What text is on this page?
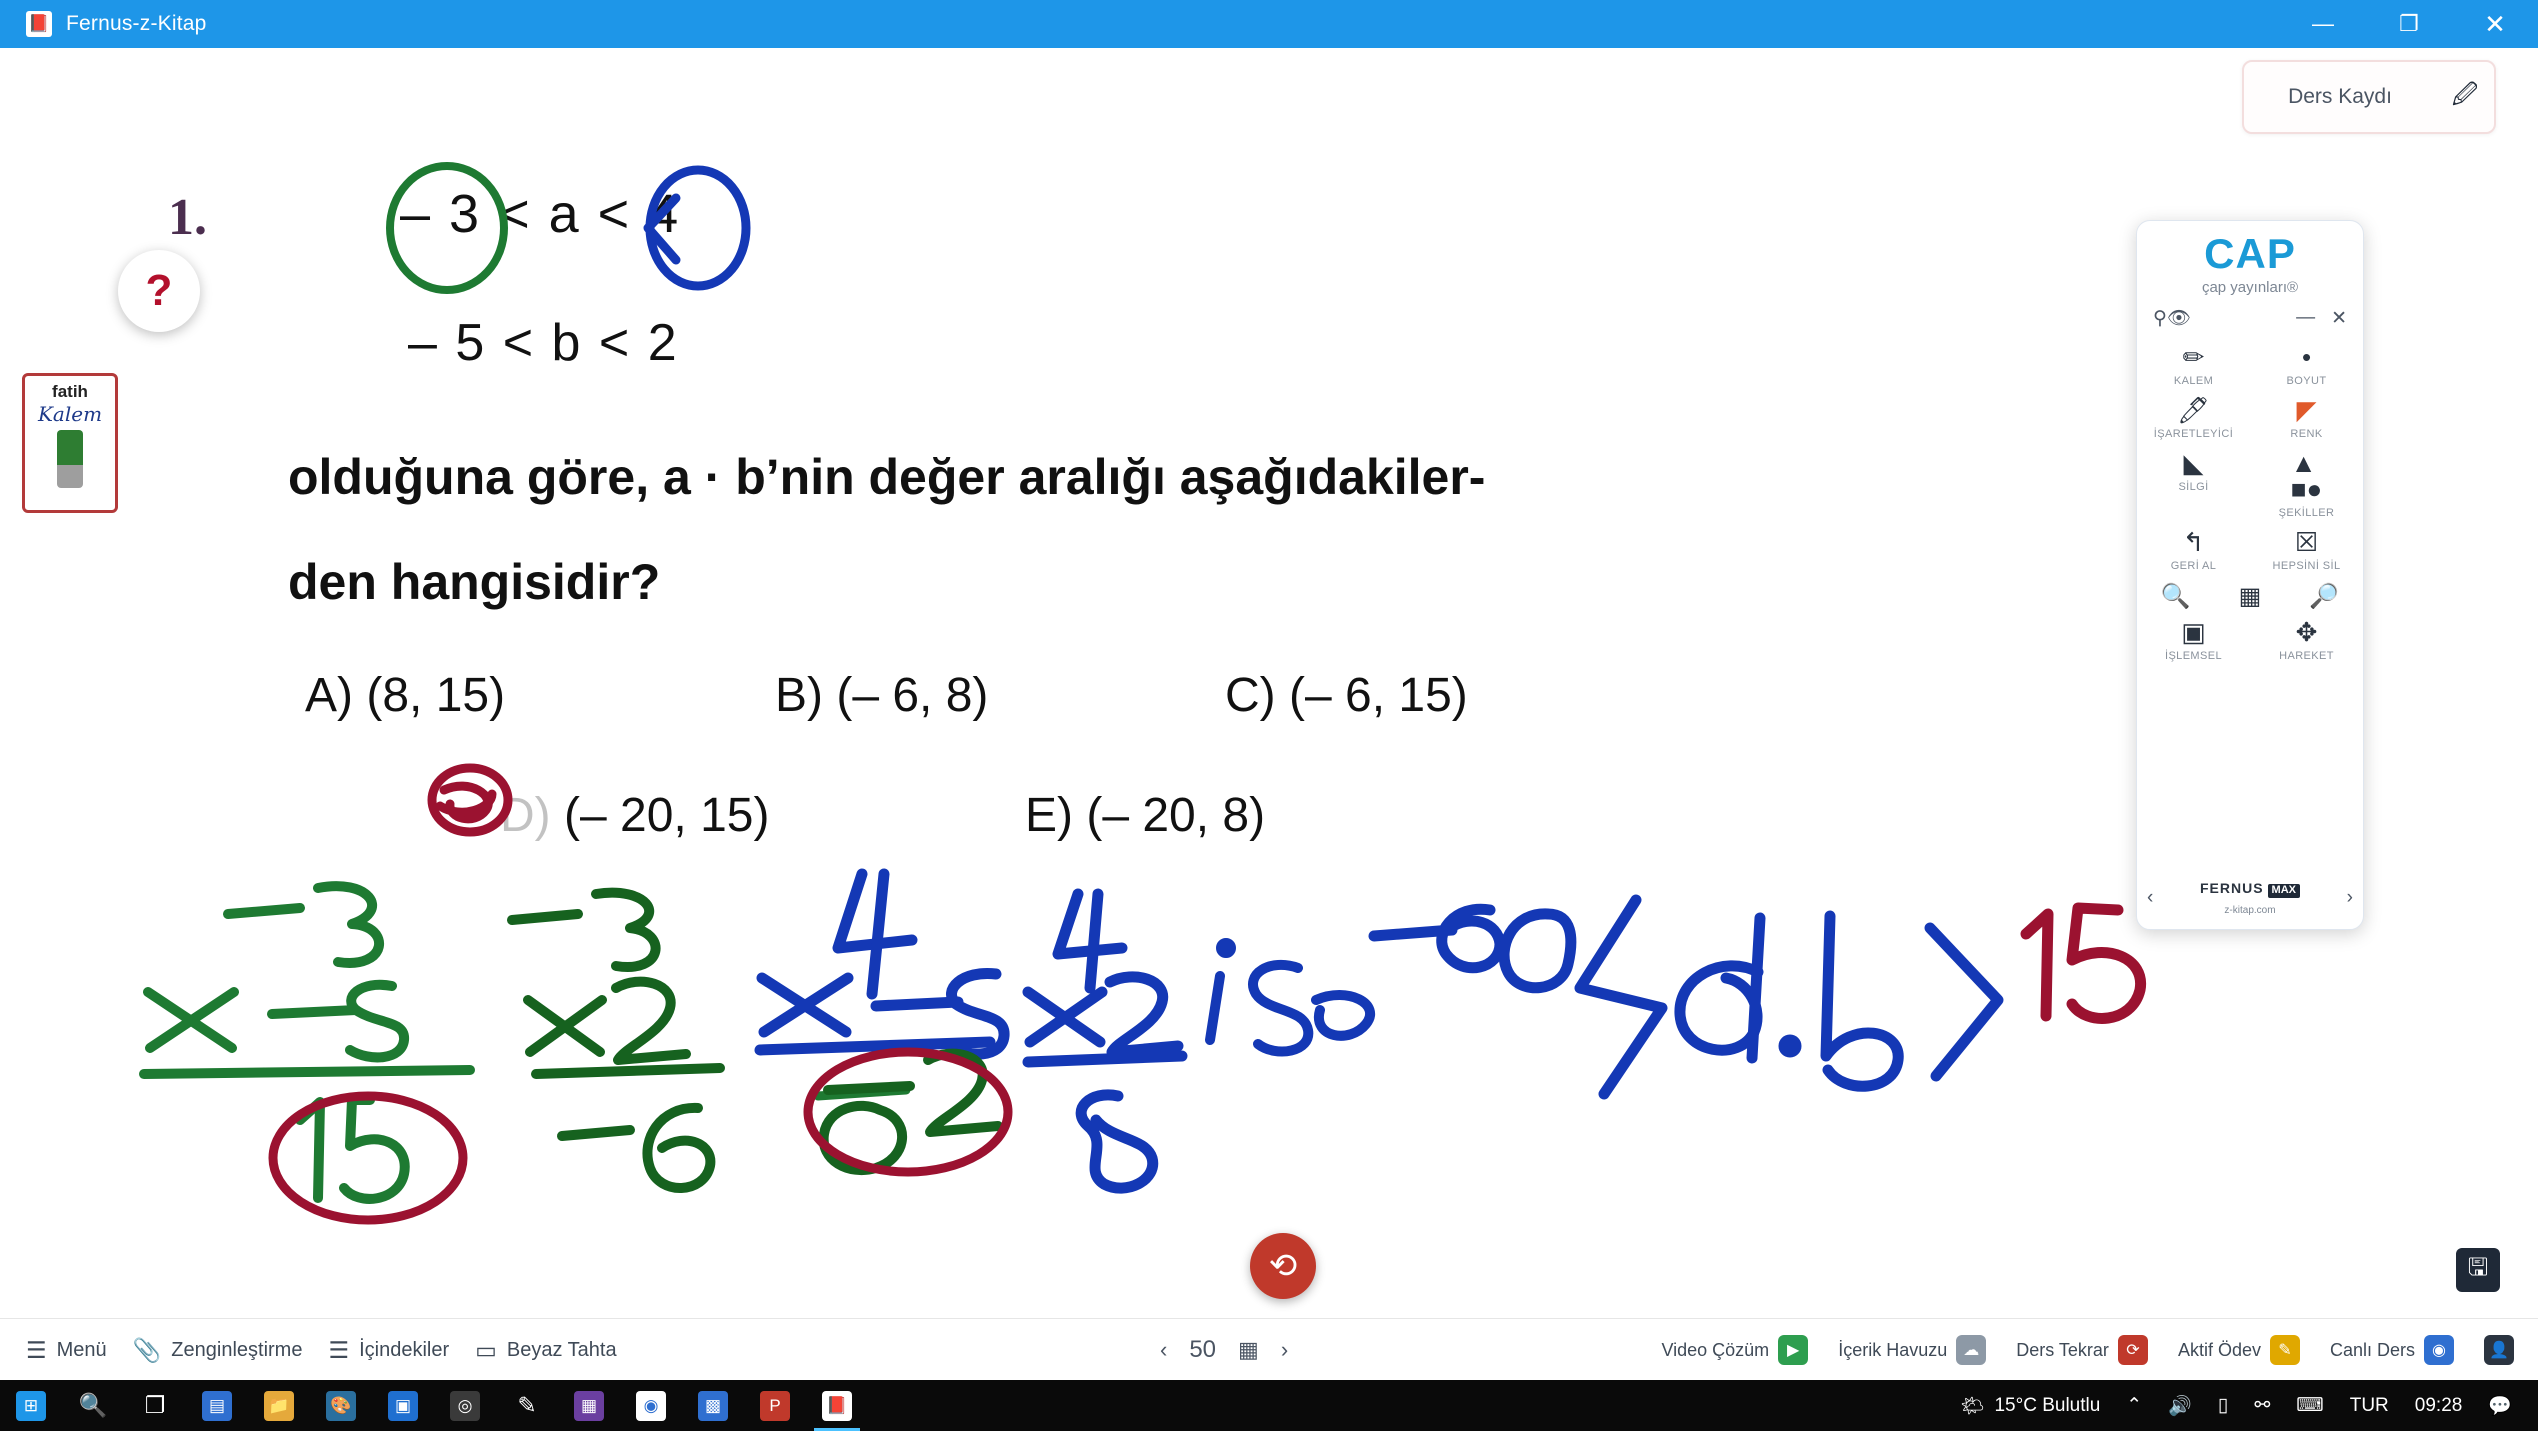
📕 Fernus-z-Kitap	—	❐	✕
Ders Kaydı	🖉
?
fatih
Kalem
1.	– 3 < a < 4
– 5 < b < 2
olduğuna göre, a · b’nin değer aralığı aşağıdakiler-
den hangisidir?
A) (8, 15)	B) (– 6, 8)	C) (– 6, 15)
D) (– 20, 15)	E) (– 20, 8)
CAP
çap yayınları®
⚲ 👁	— ✕
✏
KALEM
•
BOYUT
🖊
İŞARETLEYİCİ
◤
RENK
◣
SİLGİ
▲
■●
ŞEKİLLER
↰
GERİ AL
☒
HEPSİNİ SİL
🔍 ▦ 🔎
▣
İŞLEMSEL
✥
HAREKET
‹	FERNUS MAX
z-kitap.com
›
⟲	🖫
☰ Menü 📎 Zenginleştirme ☰ İçindekiler ▭ Beyaz Tahta	‹ 50 ▦ ›	Video Çözüm	▶	İçerik Havuzu	☁	Ders Tekrar	⟳	Aktif Ödev	✎	Canlı Ders	◉	👤
⊞	🔍 ❐	▤	📁 🎨	▣	◎	✎	▦	◉	▩	P	📕	🌤 15°C Bulutlu ⌃ 🔊 ▯ ⚯ ⌨ TUR 09:28 💬
